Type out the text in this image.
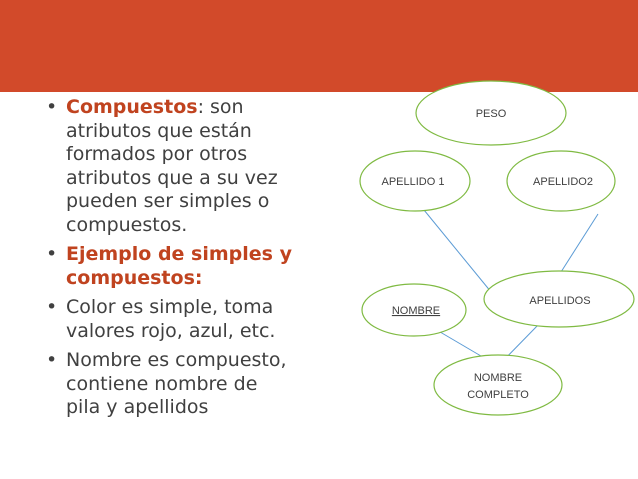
• Compuestos: son atributos que están formados por otros atributos que a su vez pueden ser simples o compuestos.
• Ejemplo de simples y compuestos:
• Color es simple, toma valores rojo, azul, etc.
• Nombre es compuesto, contiene nombre de pila y apellidos
PESO
APELLIDO 1	APELLIDO2
APELLIDOS
NOMBRE
NOMBRE
COMPLETO
